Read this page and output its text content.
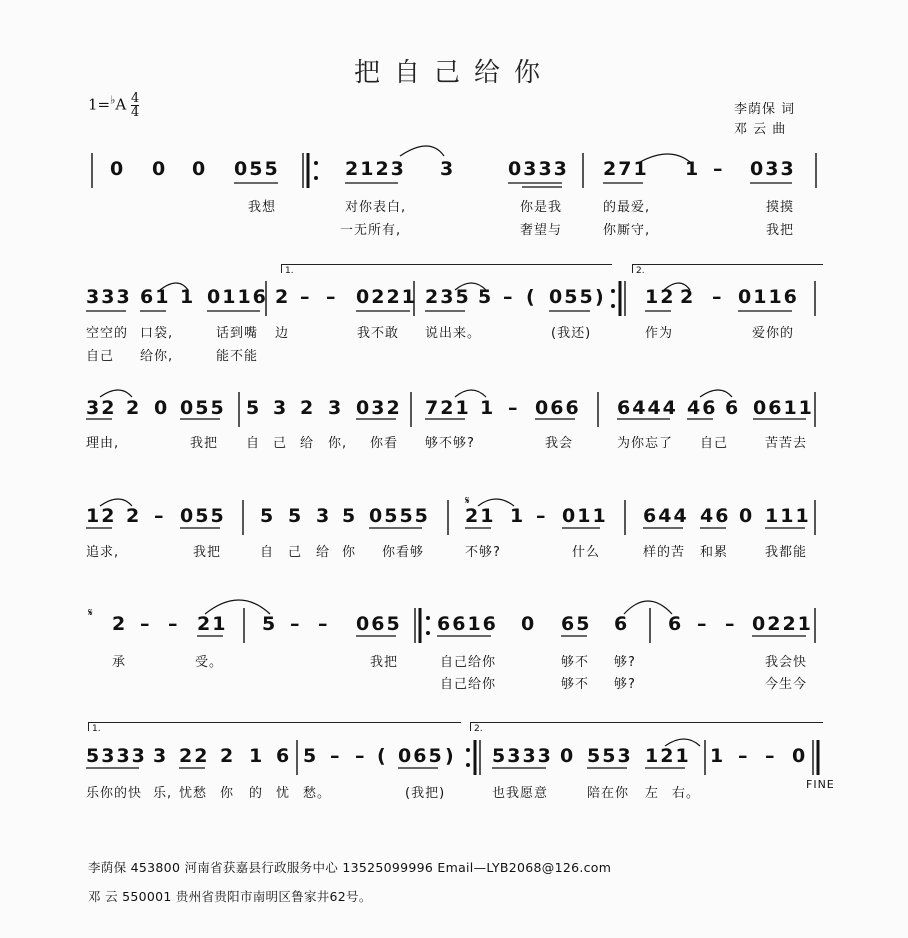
把自己给你
$1=^♭A \frac{4}{4}$	李荫保 词
邓 云 曲
1.	2.
1.	2.
𝄋
𝄋
FINE
0 0 0 055	2123 3	0333 271 1 – 033
我想	对你表白,	你是我	的最爱,	摸摸
一无所有,	奢望与	你厮守,	我把
333 61 1 0116 2 – – 0221 235 5 – ( 055 ) 12 2 – 0116
空空的 口袋,	话到嘴 边	我不敢 说出来。	(我还)	作为	爱你的
自己 给你,	能不能
32 2 0 055 5 3 2 3 032 721 1 – 066 6444 46 6 0611
理由,	我把 自 己 给 你, 你看 够不够?	我会	为你忘了 自己	苦苦去
12 2 – 055 5 5 3 5 0555 21 1 – 011 644 46 0 111
追求,	我把	自 己 给 你 你看够	不够?	什么	样的苦 和累	我都能
2 – – 21 5 – – 065 6616 0 65 6 6 – – 0221
承	受。	我把	自己给你	够不 够?	我会快
自己给你	够不 够?	今生今
5333 3 22 2 1 6 5 – – ( 065 ) 5333 0 553 121 1 – – 0
乐你的快 乐, 忧愁 你 的 忧 愁。	(我把)	也我愿意	陪在你 左 右。
李荫保 453800 河南省获嘉县行政服务中心 13525099996 Email—LYB2068@126.com
邓 云 550001 贵州省贵阳市南明区鲁家井62号。
